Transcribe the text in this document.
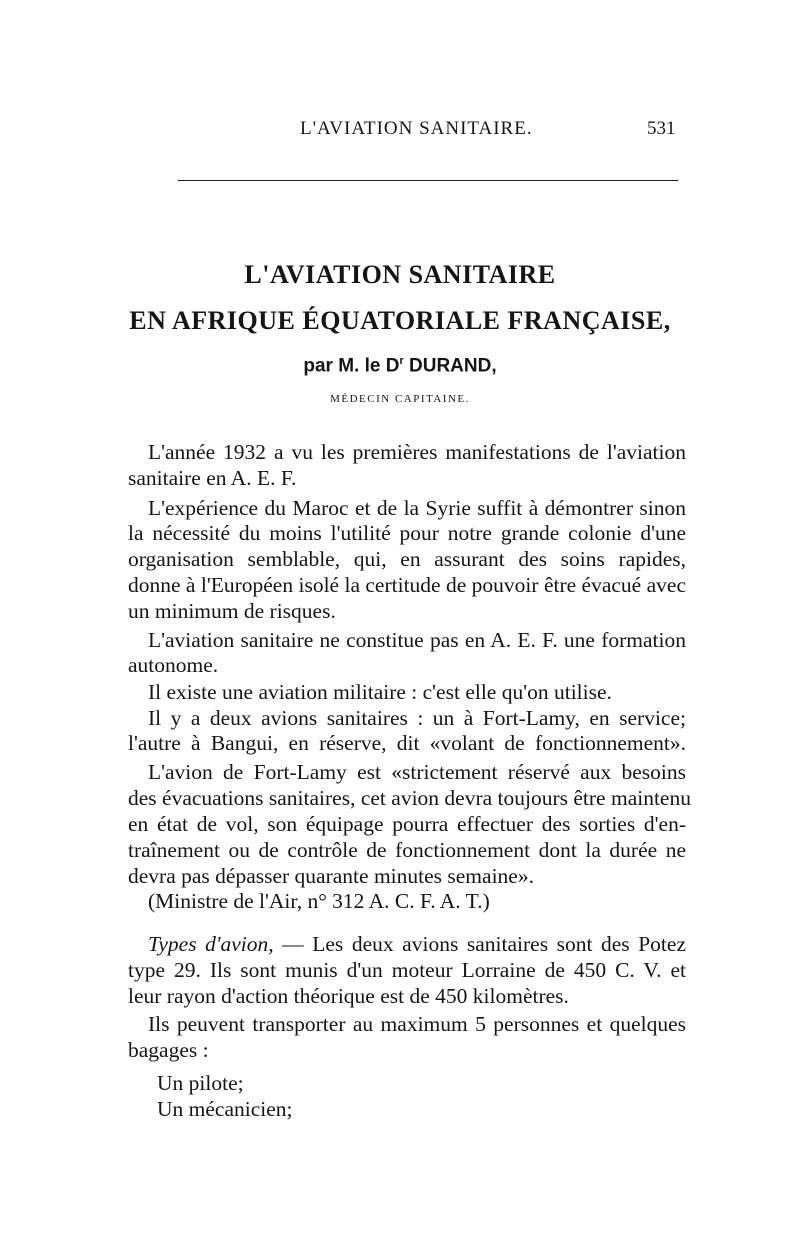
L'AVIATION SANITAIRE.	531
L'AVIATION SANITAIRE
EN AFRIQUE ÉQUATORIALE FRANÇAISE,
par M. le $D^r$ DURAND,
MÉDECIN CAPITAINE.
L'année 1932 a vu les premières manifestations de l'aviation
sanitaire en A. E. F.
L'expérience du Maroc et de la Syrie suffit à démontrer sinon
la nécessité du moins l'utilité pour notre grande colonie d'une
organisation semblable, qui, en assurant des soins rapides,
donne à l'Européen isolé la certitude de pouvoir être évacué avec
un minimum de risques.
L'aviation sanitaire ne constitue pas en A. E. F. une formation
autonome.
Il existe une aviation militaire : c'est elle qu'on utilise.
Il y a deux avions sanitaires : un à Fort-Lamy, en service;
l'autre à Bangui, en réserve, dit «volant de fonctionnement».
L'avion de Fort-Lamy est «strictement réservé aux besoins
des évacuations sanitaires, cet avion devra toujours être maintenu
en état de vol, son équipage pourra effectuer des sorties d'en-
traînement ou de contrôle de fonctionnement dont la durée ne
devra pas dépasser quarante minutes semaine».
(Ministre de l'Air, n° 312 A. C. F. A. T.)
Types d'avion, — Les deux avions sanitaires sont des Potez
type 29. Ils sont munis d'un moteur Lorraine de 450 C. V. et
leur rayon d'action théorique est de 450 kilomètres.
Ils peuvent transporter au maximum 5 personnes et quelques
bagages :
Un pilote;
Un mécanicien;
